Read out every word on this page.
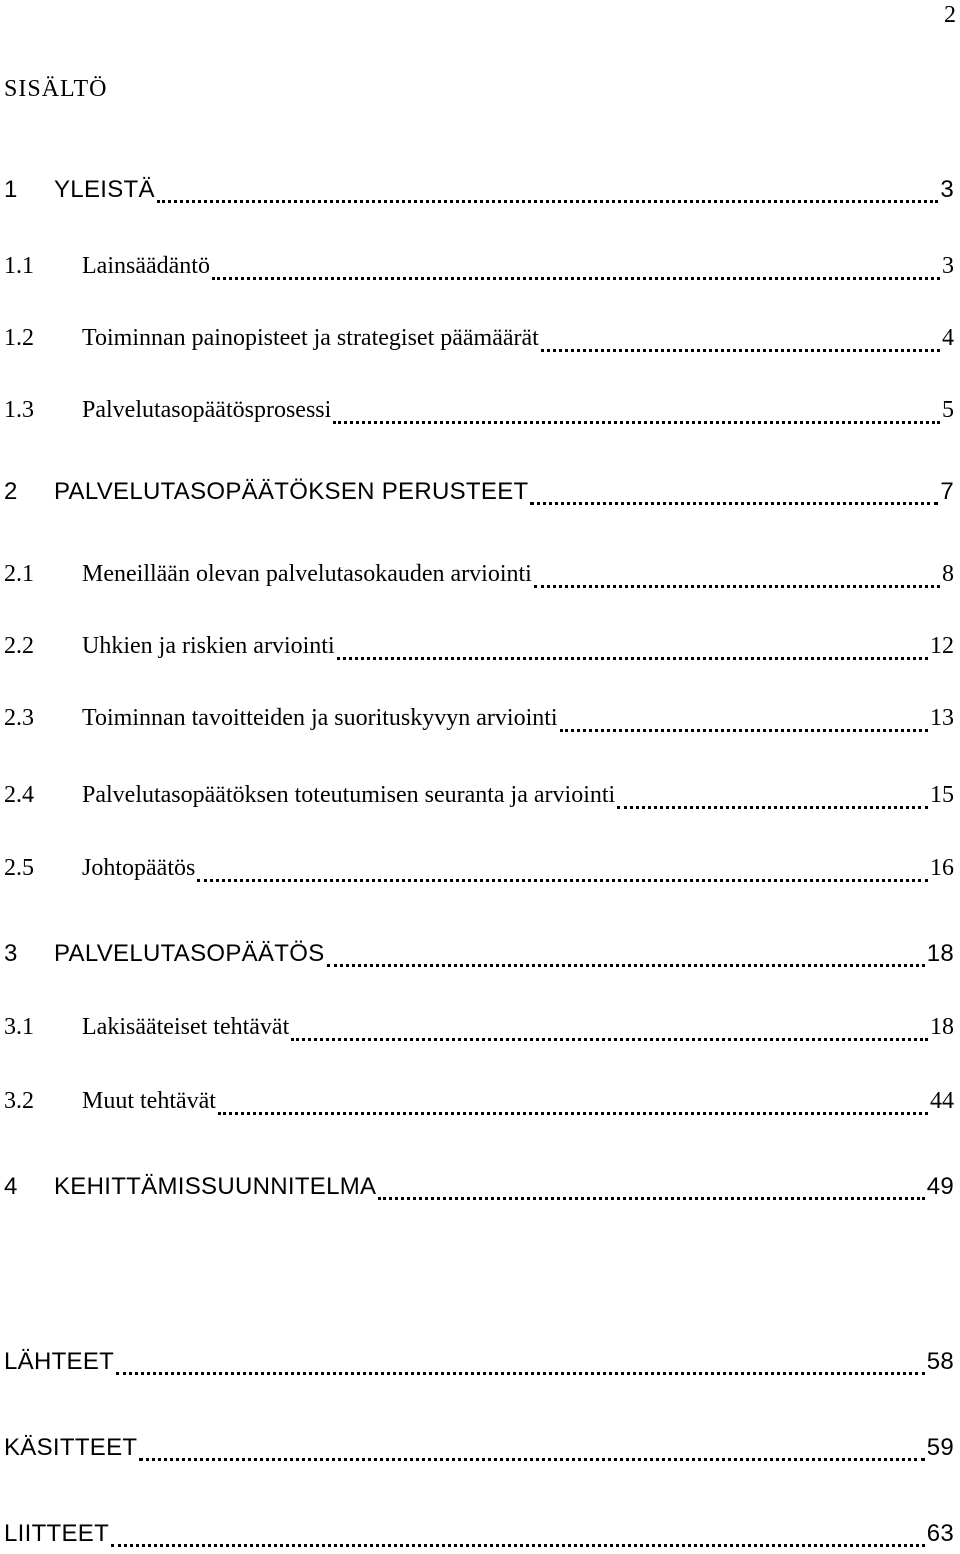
2
SISÄLTÖ
1	YLEISTÄ	3
1.1	Lainsäädäntö	3
1.2	Toiminnan painopisteet ja strategiset päämäärät	4
1.3	Palvelutasopäätösprosessi	5
2	PALVELUTASOPÄÄTÖKSEN PERUSTEET	7
2.1	Meneillään olevan palvelutasokauden arviointi	8
2.2	Uhkien ja riskien arviointi	12
2.3	Toiminnan tavoitteiden ja suorituskyvyn arviointi	13
2.4	Palvelutasopäätöksen toteutumisen seuranta ja arviointi	15
2.5	Johtopäätös	16
3	PALVELUTASOPÄÄTÖS	18
3.1	Lakisääteiset tehtävät	18
3.2	Muut tehtävät	44
4	KEHITTÄMISSUUNNITELMA	49
LÄHTEET	58
KÄSITTEET	59
LIITTEET	63
